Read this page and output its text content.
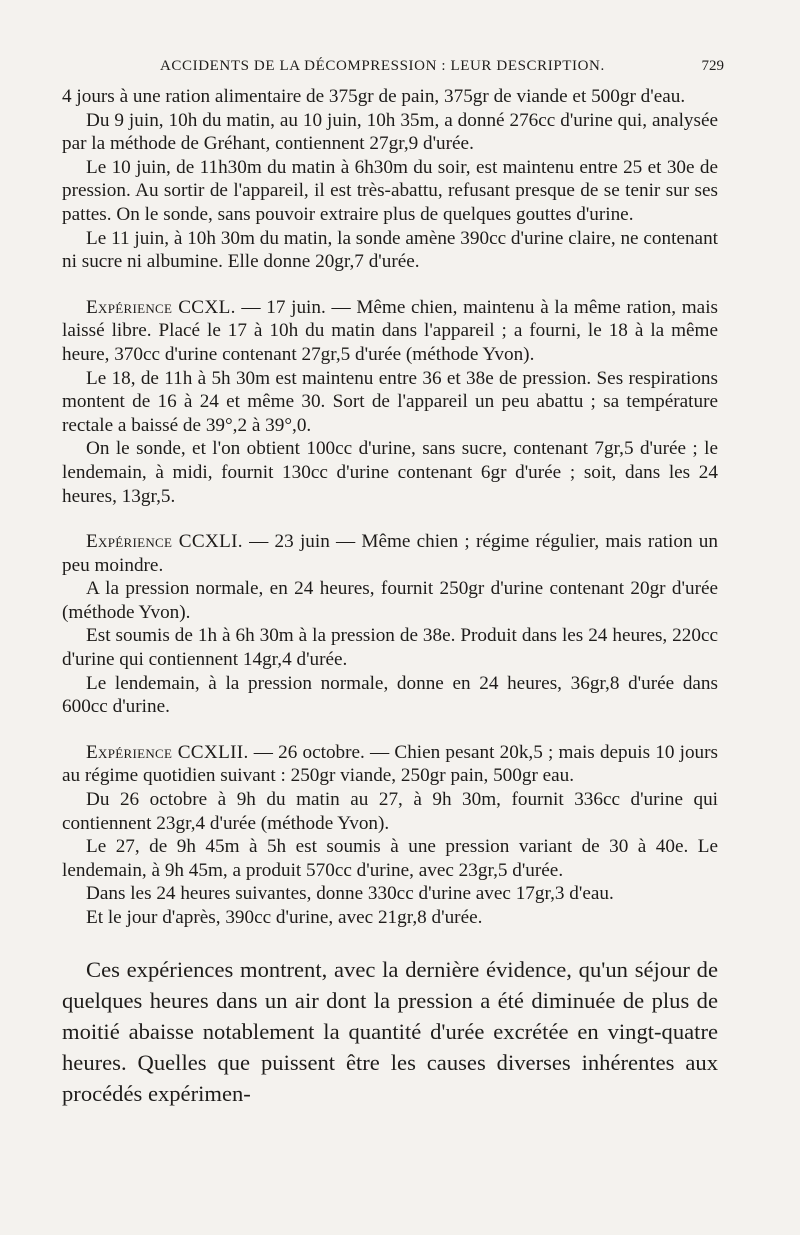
ACCIDENTS DE LA DÉCOMPRESSION : LEUR DESCRIPTION.	729

4 jours à une ration alimentaire de 375gr de pain, 375gr de viande et 500gr d'eau.

Du 9 juin, 10h du matin, au 10 juin, 10h 35m, a donné 276cc d'urine qui, analysée par la méthode de Gréhant, contiennent 27gr,9 d'urée.

Le 10 juin, de 11h30m du matin à 6h30m du soir, est maintenu entre 25 et 30e de pression. Au sortir de l'appareil, il est très-abattu, refusant presque de se tenir sur ses pattes. On le sonde, sans pouvoir extraire plus de quelques gouttes d'urine.

Le 11 juin, à 10h 30m du matin, la sonde amène 390cc d'urine claire, ne contenant ni sucre ni albumine. Elle donne 20gr,7 d'urée.

Expérience CCXL. — 17 juin. — Même chien, maintenu à la même ration, mais laissé libre. Placé le 17 à 10h du matin dans l'appareil ; a fourni, le 18 à la même heure, 370cc d'urine contenant 27gr,5 d'urée (méthode Yvon).

Le 18, de 11h à 5h 30m est maintenu entre 36 et 38e de pression. Ses respirations montent de 16 à 24 et même 30. Sort de l'appareil un peu abattu ; sa température rectale a baissé de 39°,2 à 39°,0.

On le sonde, et l'on obtient 100cc d'urine, sans sucre, contenant 7gr,5 d'urée ; le lendemain, à midi, fournit 130cc d'urine contenant 6gr d'urée ; soit, dans les 24 heures, 13gr,5.

Expérience CCXLI. — 23 juin — Même chien ; régime régulier, mais ration un peu moindre.

A la pression normale, en 24 heures, fournit 250gr d'urine contenant 20gr d'urée (méthode Yvon).

Est soumis de 1h à 6h 30m à la pression de 38e. Produit dans les 24 heures, 220cc d'urine qui contiennent 14gr,4 d'urée.

Le lendemain, à la pression normale, donne en 24 heures, 36gr,8 d'urée dans 600cc d'urine.

Expérience CCXLII. — 26 octobre. — Chien pesant 20k,5 ; mais depuis 10 jours au régime quotidien suivant : 250gr viande, 250gr pain, 500gr eau.

Du 26 octobre à 9h du matin au 27, à 9h 30m, fournit 336cc d'urine qui contiennent 23gr,4 d'urée (méthode Yvon).

Le 27, de 9h 45m à 5h est soumis à une pression variant de 30 à 40e. Le lendemain, à 9h 45m, a produit 570cc d'urine, avec 23gr,5 d'urée.

Dans les 24 heures suivantes, donne 330cc d'urine avec 17gr,3 d'eau.

Et le jour d'après, 390cc d'urine, avec 21gr,8 d'urée.

Ces expériences montrent, avec la dernière évidence, qu'un séjour de quelques heures dans un air dont la pression a été diminuée de plus de moitié abaisse notablement la quantité d'urée excrétée en vingt-quatre heures. Quelles que puissent être les causes diverses inhérentes aux procédés expérimen-
